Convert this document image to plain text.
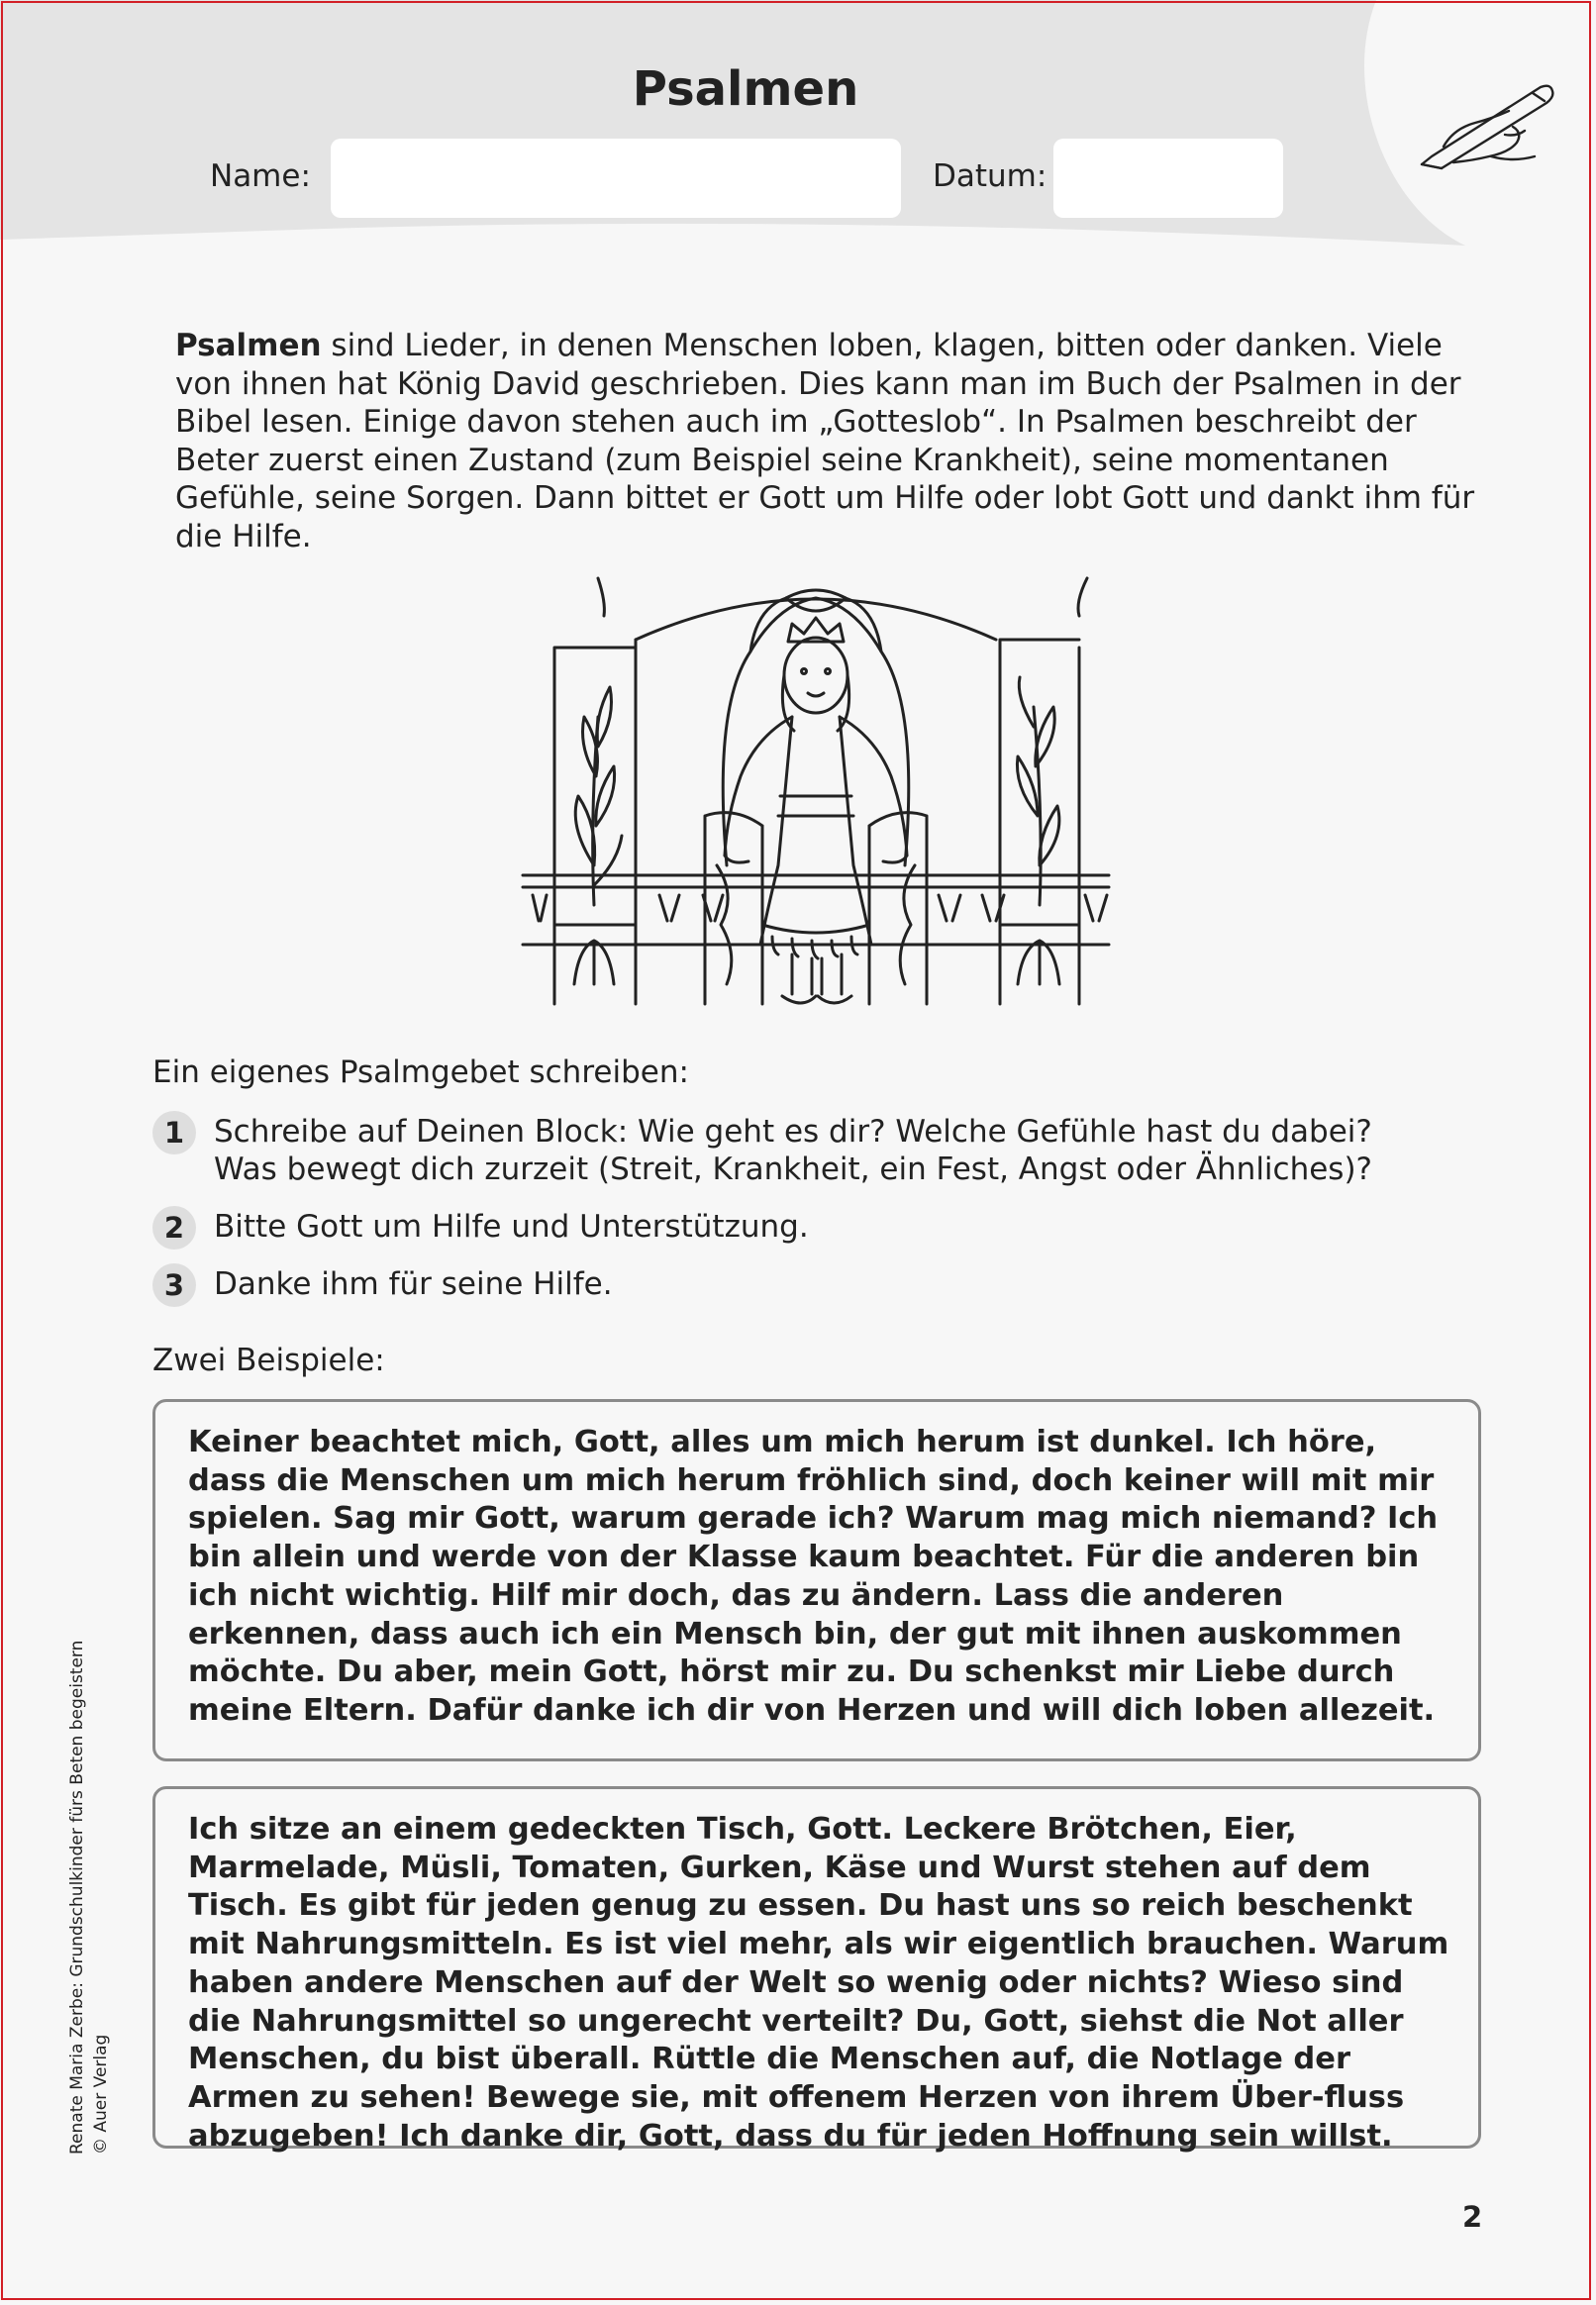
Psalmen
Name:	Datum:
Psalmen sind Lieder, in denen Menschen loben, klagen, bitten oder danken. Viele von ihnen hat König David geschrieben. Dies kann man im Buch der Psalmen in der Bibel lesen. Einige davon stehen auch im „Gotteslob“. In Psalmen beschreibt der Beter zuerst einen Zustand (zum Beispiel seine Krankheit), seine momentanen Gefühle, seine Sorgen. Dann bittet er Gott um Hilfe oder lobt Gott und dankt ihm für die Hilfe.
Ein eigenes Psalmgebet schreiben:
1 Schreibe auf Deinen Block: Wie geht es dir? Welche Gefühle hast du dabei?
Was bewegt dich zurzeit (Streit, Krankheit, ein Fest, Angst oder Ähnliches)?
2 Bitte Gott um Hilfe und Unterstützung.
3 Danke ihm für seine Hilfe.
Zwei Beispiele:
Keiner beachtet mich, Gott, alles um mich herum ist dunkel. Ich höre, dass die Menschen um mich herum fröhlich sind, doch keiner will mit mir spielen. Sag mir Gott, warum gerade ich? Warum mag mich niemand? Ich bin allein und werde von der Klasse kaum beachtet. Für die anderen bin ich nicht wichtig. Hilf mir doch, das zu ändern. Lass die anderen erkennen, dass auch ich ein Mensch bin, der gut mit ihnen auskommen möchte. Du aber, mein Gott, hörst mir zu. Du schenkst mir Liebe durch meine Eltern. Dafür danke ich dir von Herzen und will dich loben allezeit.
Ich sitze an einem gedeckten Tisch, Gott. Leckere Brötchen, Eier, Marmelade, Müsli, Tomaten, Gurken, Käse und Wurst stehen auf dem Tisch. Es gibt für jeden genug zu essen. Du hast uns so reich beschenkt mit Nahrungsmitteln. Es ist viel mehr, als wir eigentlich brauchen. Warum haben andere Menschen auf der Welt so wenig oder nichts? Wieso sind die Nahrungsmittel so ungerecht verteilt? Du, Gott, siehst die Not aller Menschen, du bist überall. Rüttle die Menschen auf, die Notlage der Armen zu sehen! Bewege sie, mit offenem Herzen von ihrem Über-fluss abzugeben! Ich danke dir, Gott, dass du für jeden Hoffnung sein willst.
Renate Maria Zerbe: Grundschulkinder fürs Beten begeistern © Auer Verlag
2
